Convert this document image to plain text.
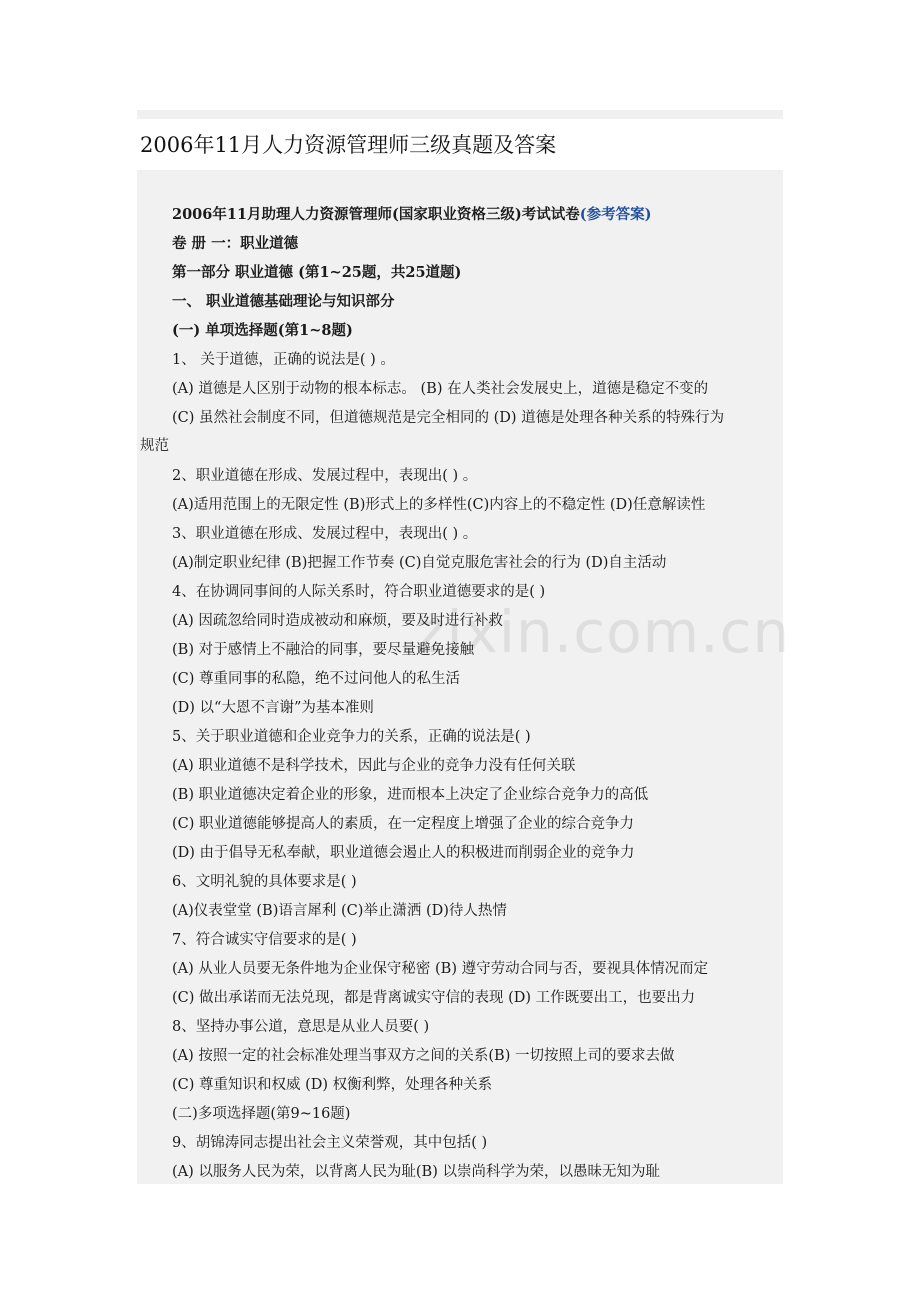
2006年11月人力资源管理师三级真题及答案
zixin.com.cn
2006年11月助理人力资源管理师(国家职业资格三级)考试试卷(参考答案)
卷 册 一：职业道德
第一部分 职业道德 (第1~25题，共25道题)
一、 职业道德基础理论与知识部分
(一) 单项选择题(第1~8题)
1、 关于道德，正确的说法是( ) 。
(A) 道德是人区别于动物的根本标志。 (B) 在人类社会发展史上，道德是稳定不变的
(C) 虽然社会制度不同，但道德规范是完全相同的 (D) 道德是处理各种关系的特殊行为
规范
2、职业道德在形成、发展过程中，表现出( ) 。
(A)适用范围上的无限定性 (B)形式上的多样性(C)内容上的不稳定性 (D)任意解读性
3、职业道德在形成、发展过程中，表现出( ) 。
(A)制定职业纪律 (B)把握工作节奏 (C)自觉克服危害社会的行为 (D)自主活动
4、在协调同事间的人际关系时，符合职业道德要求的是( )
(A) 因疏忽给同时造成被动和麻烦，要及时进行补救
(B) 对于感情上不融洽的同事，要尽量避免接触
(C) 尊重同事的私隐，绝不过问他人的私生活
(D) 以“大恩不言谢”为基本准则
5、关于职业道德和企业竞争力的关系，正确的说法是( )
(A) 职业道德不是科学技术，因此与企业的竞争力没有任何关联
(B) 职业道德决定着企业的形象，进而根本上决定了企业综合竞争力的高低
(C) 职业道德能够提高人的素质，在一定程度上增强了企业的综合竞争力
(D) 由于倡导无私奉献，职业道德会遏止人的积极进而削弱企业的竞争力
6、文明礼貌的具体要求是( )
(A)仪表堂堂 (B)语言犀利 (C)举止潇洒 (D)待人热情
7、符合诚实守信要求的是( )
(A) 从业人员要无条件地为企业保守秘密 (B) 遵守劳动合同与否，要视具体情况而定
(C) 做出承诺而无法兑现，都是背离诚实守信的表现 (D) 工作既要出工，也要出力
8、坚持办事公道，意思是从业人员要( )
(A) 按照一定的社会标准处理当事双方之间的关系(B) 一切按照上司的要求去做
(C) 尊重知识和权威 (D) 权衡利弊，处理各种关系
(二)多项选择题(第9~16题)
9、胡锦涛同志提出社会主义荣誉观，其中包括( )
(A) 以服务人民为荣，以背离人民为耻(B) 以崇尚科学为荣，以愚昧无知为耻
